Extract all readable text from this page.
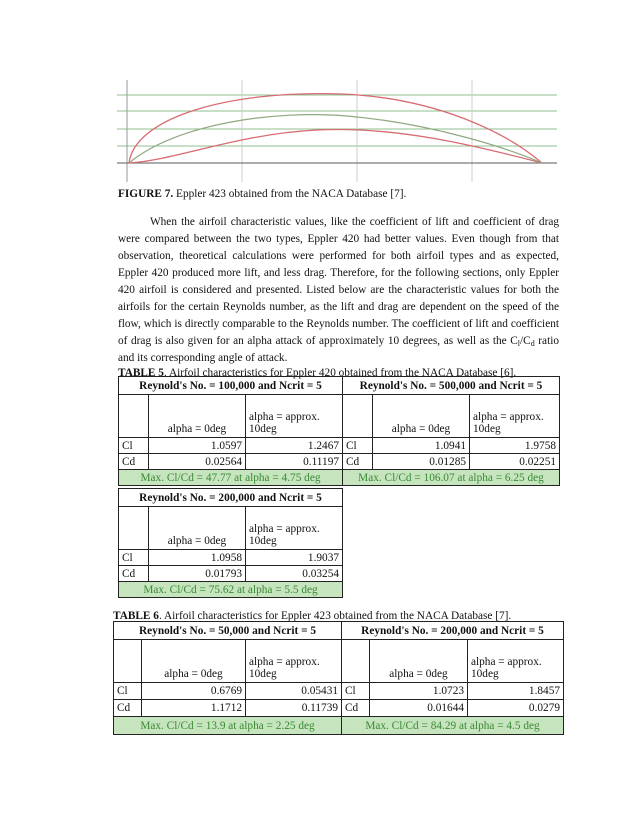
FIGURE 7. Eppler 423 obtained from the NACA Database [7].

When the airfoil characteristic values, like the coefficient of lift and coefficient of drag were compared between the two types, Eppler 420 had better values. Even though from that observation, theoretical calculations were performed for both airfoil types and as expected, Eppler 420 produced more lift, and less drag. Therefore, for the following sections, only Eppler 420 airfoil is considered and presented. Listed below are the characteristic values for both the airfoils for the certain Reynolds number, as the lift and drag are dependent on the speed of the flow, which is directly comparable to the Reynolds number. The coefficient of lift and coefficient of drag is also given for an alpha attack of approximately 10 degrees, as well as the $C_l/C_d$ ratio and its corresponding angle of attack.

TABLE 5. Airfoil characteristics for Eppler 420 obtained from the NACA Database [6].
Reynold's No. = 100,000 and Ncrit = 5			Reynold's No. = 500,000 and Ncrit = 5		
	alpha = 0deg	alpha = approx. 10deg		alpha = 0deg	alpha = approx. 10deg
Cl	1.0597	1.2467	Cl	1.0941	1.9758
Cd	0.02564	0.11197	Cd	0.01285	0.02251
Max. Cl/Cd = 47.77 at alpha = 4.75 deg			Max. Cl/Cd = 106.07 at alpha = 6.25 deg		
Reynold's No. = 200,000 and Ncrit = 5		
	alpha = 0deg	alpha = approx. 10deg
Cl	1.0958	1.9037
Cd	0.01793	0.03254
Max. Cl/Cd = 75.62 at alpha = 5.5 deg		
TABLE 6. Airfoil characteristics for Eppler 423 obtained from the NACA Database [7].
Reynold's No. = 50,000 and Ncrit = 5			Reynold's No. = 200,000 and Ncrit = 5		
	alpha = 0deg	alpha = approx. 10deg		alpha = 0deg	alpha = approx. 10deg
Cl	0.6769	0.05431	Cl	1.0723	1.8457
Cd	1.1712	0.11739	Cd	0.01644	0.0279
Max. Cl/Cd = 13.9 at alpha = 2.25 deg			Max. Cl/Cd = 84.29 at alpha = 4.5 deg		
